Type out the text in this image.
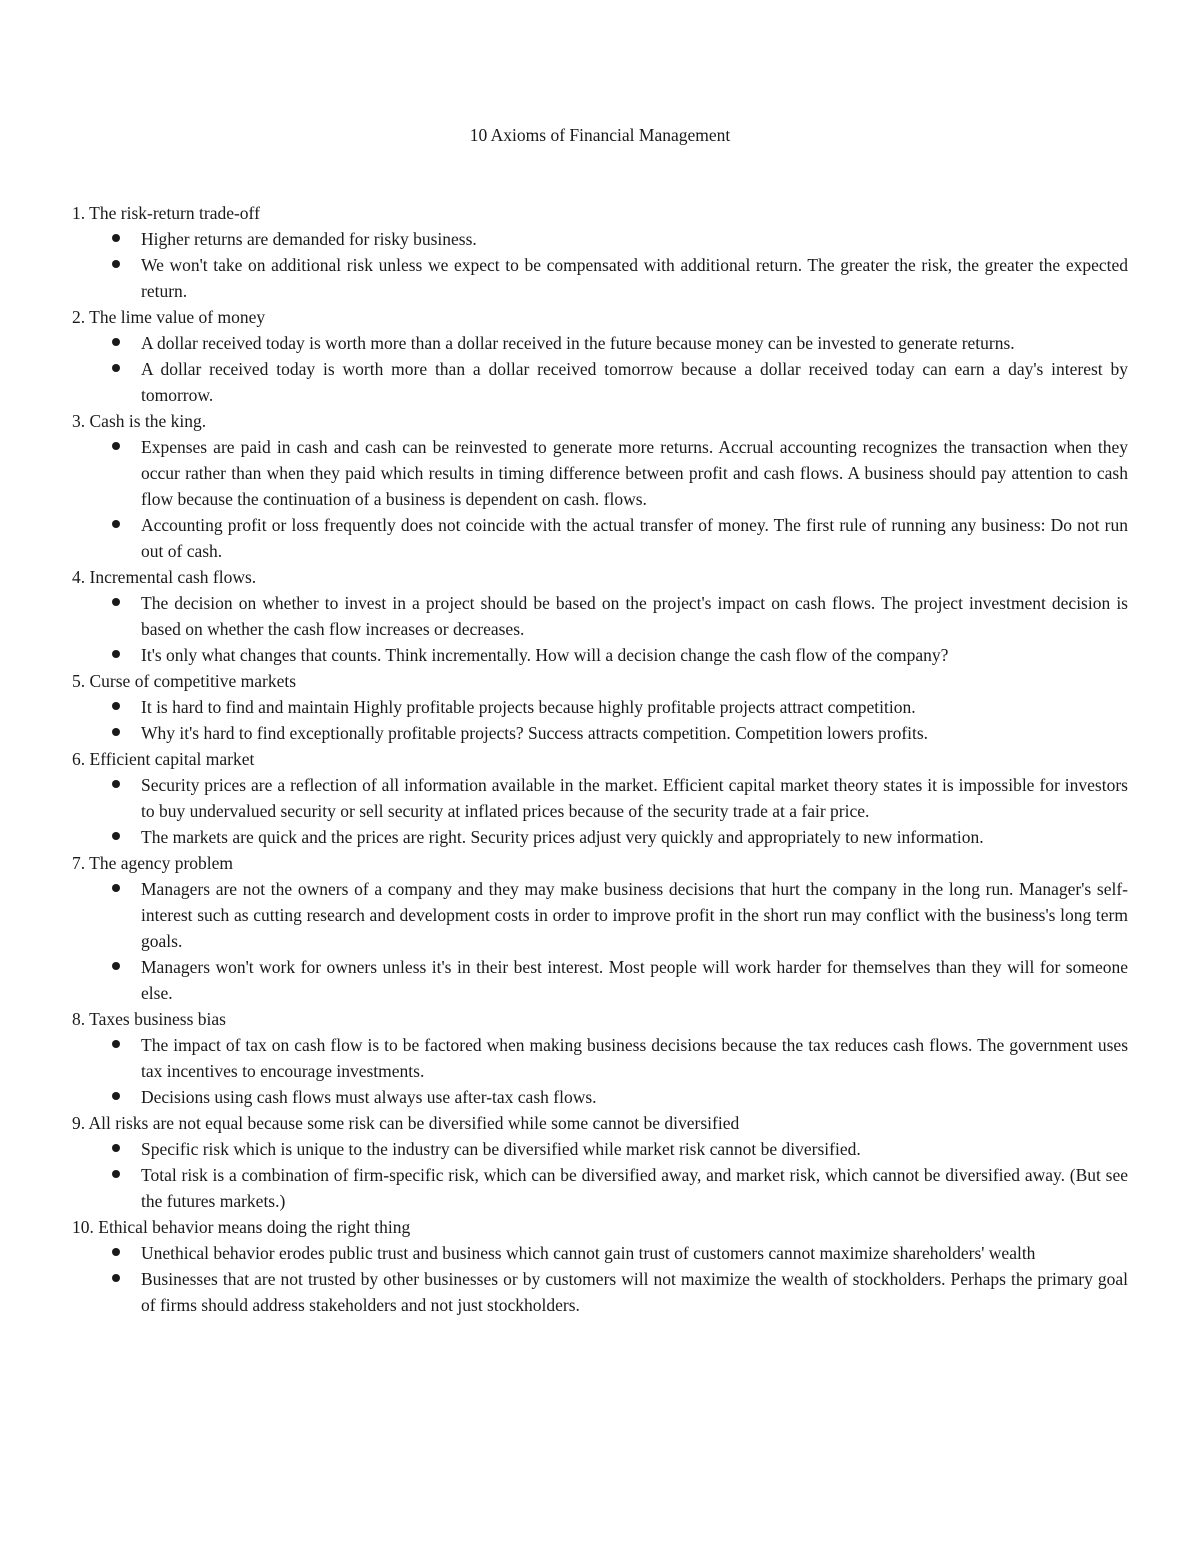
10 Axioms of Financial Management
1. The risk-return trade-off
Higher returns are demanded for risky business.
We won't take on additional risk unless we expect to be compensated with additional return. The greater the risk, the greater the expected return.
2. The lime value of money
A dollar received today is worth more than a dollar received in the future because money can be invested to generate returns.
A dollar received today is worth more than a dollar received tomorrow because a dollar received today can earn a day's interest by tomorrow.
3. Cash is the king.
Expenses are paid in cash and cash can be reinvested to generate more returns. Accrual accounting recognizes the transaction when they occur rather than when they paid which results in timing difference between profit and cash flows. A business should pay attention to cash flow because the continuation of a business is dependent on cash. flows.
Accounting profit or loss frequently does not coincide with the actual transfer of money. The first rule of running any business: Do not run out of cash.
4. Incremental cash flows.
The decision on whether to invest in a project should be based on the project's impact on cash flows. The project investment decision is based on whether the cash flow increases or decreases.
It's only what changes that counts. Think incrementally. How will a decision change the cash flow of the company?
5. Curse of competitive markets
It is hard to find and maintain Highly profitable projects because highly profitable projects attract competition.
Why it's hard to find exceptionally profitable projects? Success attracts competition. Competition lowers profits.
6. Efficient capital market
Security prices are a reflection of all information available in the market. Efficient capital market theory states it is impossible for investors to buy undervalued security or sell security at inflated prices because of the security trade at a fair price.
The markets are quick and the prices are right. Security prices adjust very quickly and appropriately to new information.
7. The agency problem
Managers are not the owners of a company and they may make business decisions that hurt the company in the long run. Manager's self-interest such as cutting research and development costs in order to improve profit in the short run may conflict with the business's long term goals.
Managers won't work for owners unless it's in their best interest. Most people will work harder for themselves than they will for someone else.
8. Taxes business bias
The impact of tax on cash flow is to be factored when making business decisions because the tax reduces cash flows. The government uses tax incentives to encourage investments.
Decisions using cash flows must always use after-tax cash flows.
9. All risks are not equal because some risk can be diversified while some cannot be diversified
Specific risk which is unique to the industry can be diversified while market risk cannot be diversified.
Total risk is a combination of firm-specific risk, which can be diversified away, and market risk, which cannot be diversified away. (But see the futures markets.)
10. Ethical behavior means doing the right thing
Unethical behavior erodes public trust and business which cannot gain trust of customers cannot maximize shareholders' wealth
Businesses that are not trusted by other businesses or by customers will not maximize the wealth of stockholders. Perhaps the primary goal of firms should address stakeholders and not just stockholders.
